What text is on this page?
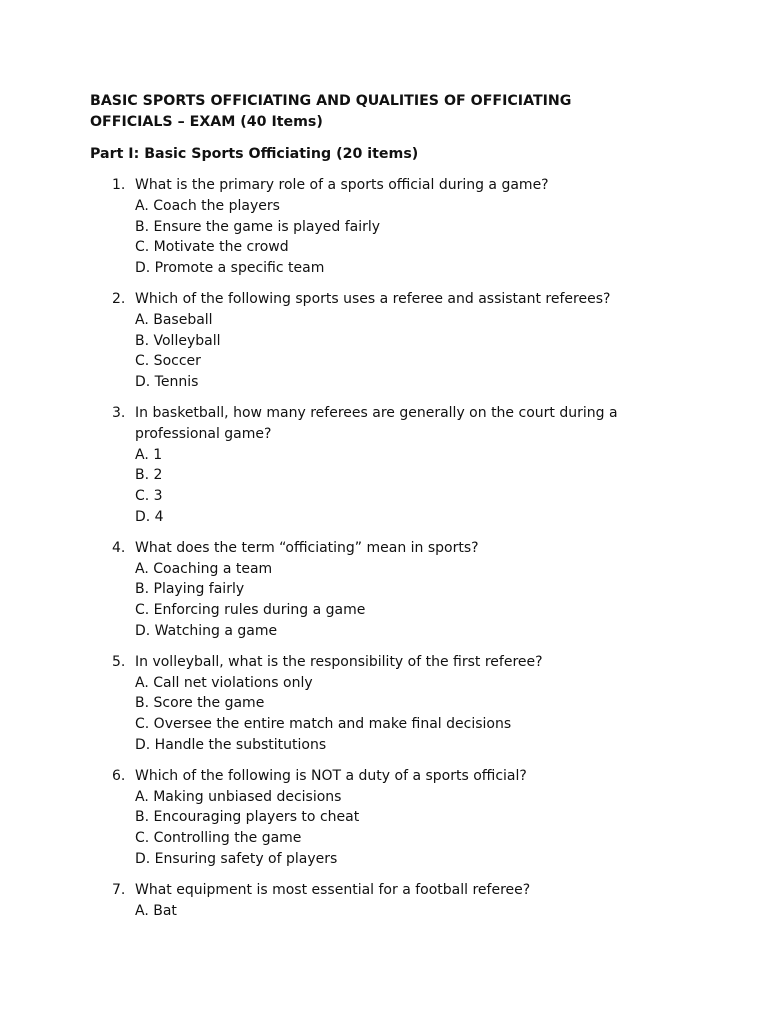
BASIC SPORTS OFFICIATING AND QUALITIES OF OFFICIATING
OFFICIALS – EXAM (40 Items)

Part I: Basic Sports Officiating (20 items)

1. What is the primary role of a sports official during a game?
A. Coach the players
B. Ensure the game is played fairly
C. Motivate the crowd
D. Promote a specific team
2. Which of the following sports uses a referee and assistant referees?
A. Baseball
B. Volleyball
C. Soccer
D. Tennis
3. In basketball, how many referees are generally on the court during a
professional game?
A. 1
B. 2
C. 3
D. 4
4. What does the term “officiating” mean in sports?
A. Coaching a team
B. Playing fairly
C. Enforcing rules during a game
D. Watching a game
5. In volleyball, what is the responsibility of the first referee?
A. Call net violations only
B. Score the game
C. Oversee the entire match and make final decisions
D. Handle the substitutions
6. Which of the following is NOT a duty of a sports official?
A. Making unbiased decisions
B. Encouraging players to cheat
C. Controlling the game
D. Ensuring safety of players
7. What equipment is most essential for a football referee?
A. Bat
